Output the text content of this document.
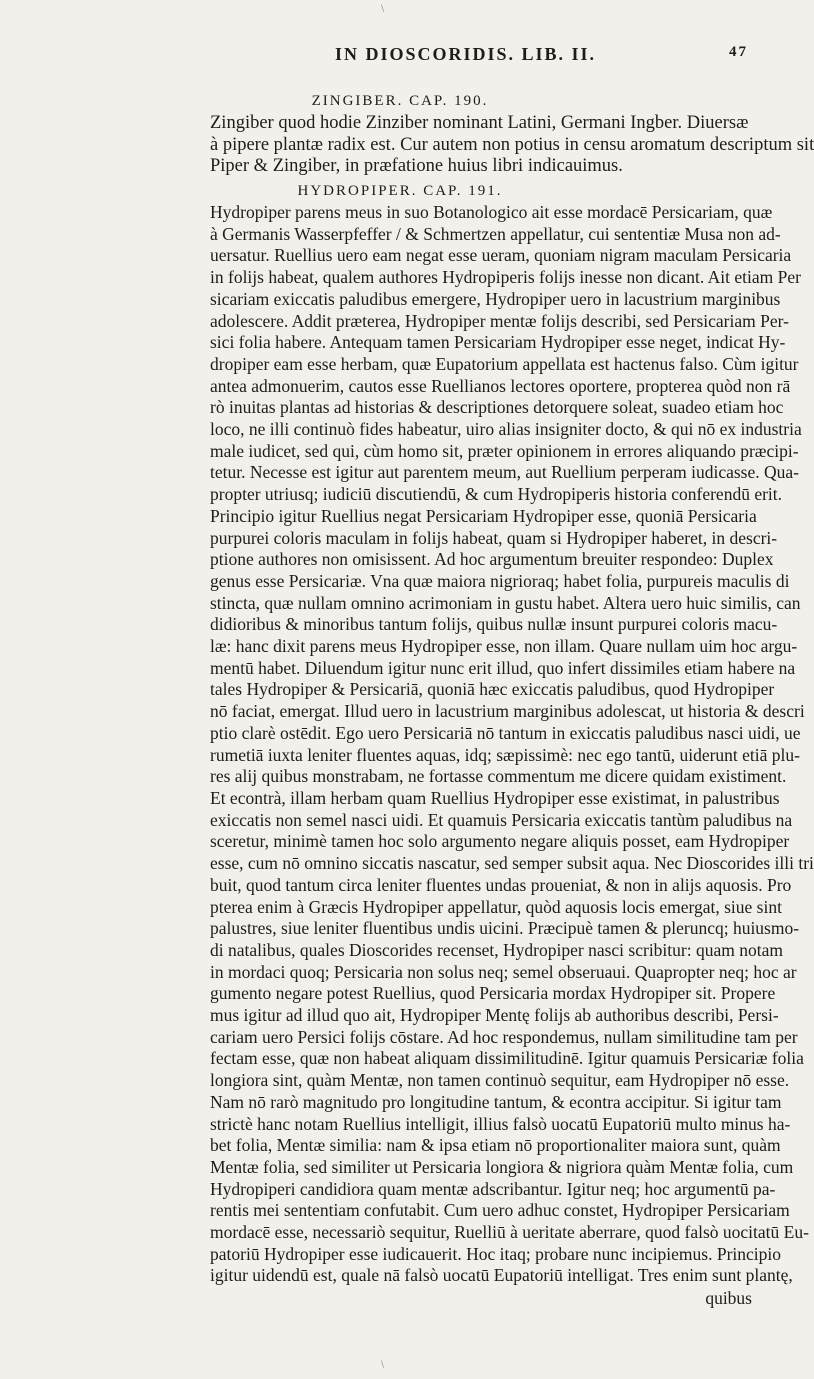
\
IN DIOSCORIDIS. LIB. II.	47
ZINGIBER. CAP. 190.
Zingiber quod hodie Zinziber nominant Latini, Germani Ingber. Diuersæ
à pipere plantæ radix est. Cur autem non potius in censu aromatum descriptum sit
Piper & Zingiber, in præfatione huius libri indicauimus.
HYDROPIPER. CAP. 191.
Hydropiper parens meus in suo Botanologico ait esse mordacē Persicariam, quæ
à Germanis Wasserpfeffer / & Schmertzen appellatur, cui sententiæ Musa non ad-
uersatur. Ruellius uero eam negat esse ueram, quoniam nigram maculam Persicaria
in folijs habeat, qualem authores Hydropiperis folijs inesse non dicant. Ait etiam Per
sicariam exiccatis paludibus emergere, Hydropiper uero in lacustrium marginibus
adolescere. Addit præterea, Hydropiper mentæ folijs describi, sed Persicariam Per-
sici folia habere. Antequam tamen Persicariam Hydropiper esse neget, indicat Hy-
dropiper eam esse herbam, quæ Eupatorium appellata est hactenus falso. Cùm igitur
antea admonuerim, cautos esse Ruellianos lectores oportere, propterea quòd non rā
rò inuitas plantas ad historias & descriptiones detorquere soleat, suadeo etiam hoc
loco, ne illi continuò fides habeatur, uiro alias insigniter docto, & qui nō ex industria
male iudicet, sed qui, cùm homo sit, præter opinionem in errores aliquando præcipi-
tetur. Necesse est igitur aut parentem meum, aut Ruellium perperam iudicasse. Qua-
propter utriusq; iudiciū discutiendū, & cum Hydropiperis historia conferendū erit.
Principio igitur Ruellius negat Persicariam Hydropiper esse, quoniā Persicaria
purpurei coloris maculam in folijs habeat, quam si Hydropiper haberet, in descri-
ptione authores non omisissent. Ad hoc argumentum breuiter respondeo: Duplex
genus esse Persicariæ. Vna quæ maiora nigrioraq; habet folia, purpureis maculis di
stincta, quæ nullam omnino acrimoniam in gustu habet. Altera uero huic similis, can
didioribus & minoribus tantum folijs, quibus nullæ insunt purpurei coloris macu-
læ: hanc dixit parens meus Hydropiper esse, non illam. Quare nullam uim hoc argu-
mentū habet. Diluendum igitur nunc erit illud, quo infert dissimiles etiam habere na
tales Hydropiper & Persicariā, quoniā hæc exiccatis paludibus, quod Hydropiper
nō faciat, emergat. Illud uero in lacustrium marginibus adolescat, ut historia & descri
ptio clarè ostēdit. Ego uero Persicariā nō tantum in exiccatis paludibus nasci uidi, ue
rumetiā iuxta leniter fluentes aquas, idq; sæpissimè: nec ego tantū, uiderunt etiā plu-
res alij quibus monstrabam, ne fortasse commentum me dicere quidam existiment.
Et econtrà, illam herbam quam Ruellius Hydropiper esse existimat, in palustribus
exiccatis non semel nasci uidi. Et quamuis Persicaria exiccatis tantùm paludibus na
sceretur, minimè tamen hoc solo argumento negare aliquis posset, eam Hydropiper
esse, cum nō omnino siccatis nascatur, sed semper subsit aqua. Nec Dioscorides illi tri
buit, quod tantum circa leniter fluentes undas proueniat, & non in alijs aquosis. Pro
pterea enim à Græcis Hydropiper appellatur, quòd aquosis locis emergat, siue sint
palustres, siue leniter fluentibus undis uicini. Præcipuè tamen & pleruncq; huiusmo-
di natalibus, quales Dioscorides recenset, Hydropiper nasci scribitur: quam notam
in mordaci quoq; Persicaria non solus neq; semel obseruaui. Quapropter neq; hoc ar
gumento negare potest Ruellius, quod Persicaria mordax Hydropiper sit. Propere
mus igitur ad illud quo ait, Hydropiper Mentę folijs ab authoribus describi, Persi-
cariam uero Persici folijs cōstare. Ad hoc respondemus, nullam similitudine tam per
fectam esse, quæ non habeat aliquam dissimilitudinē. Igitur quamuis Persicariæ folia
longiora sint, quàm Mentæ, non tamen continuò sequitur, eam Hydropiper nō esse.
Nam nō rarò magnitudo pro longitudine tantum, & econtra accipitur. Si igitur tam
strictè hanc notam Ruellius intelligit, illius falsò uocatū Eupatoriū multo minus ha-
bet folia, Mentæ similia: nam & ipsa etiam nō proportionaliter maiora sunt, quàm
Mentæ folia, sed similiter ut Persicaria longiora & nigriora quàm Mentæ folia, cum
Hydropiperi candidiora quam mentæ adscribantur. Igitur neq; hoc argumentū pa-
rentis mei sententiam confutabit. Cum uero adhuc constet, Hydropiper Persicariam
mordacē esse, necessariò sequitur, Ruelliū à ueritate aberrare, quod falsò uocitatū Eu-
patoriū Hydropiper esse iudicauerit. Hoc itaq; probare nunc incipiemus. Principio
igitur uidendū est, quale nā falsò uocatū Eupatoriū intelligat. Tres enim sunt plantę,
quibus
\
